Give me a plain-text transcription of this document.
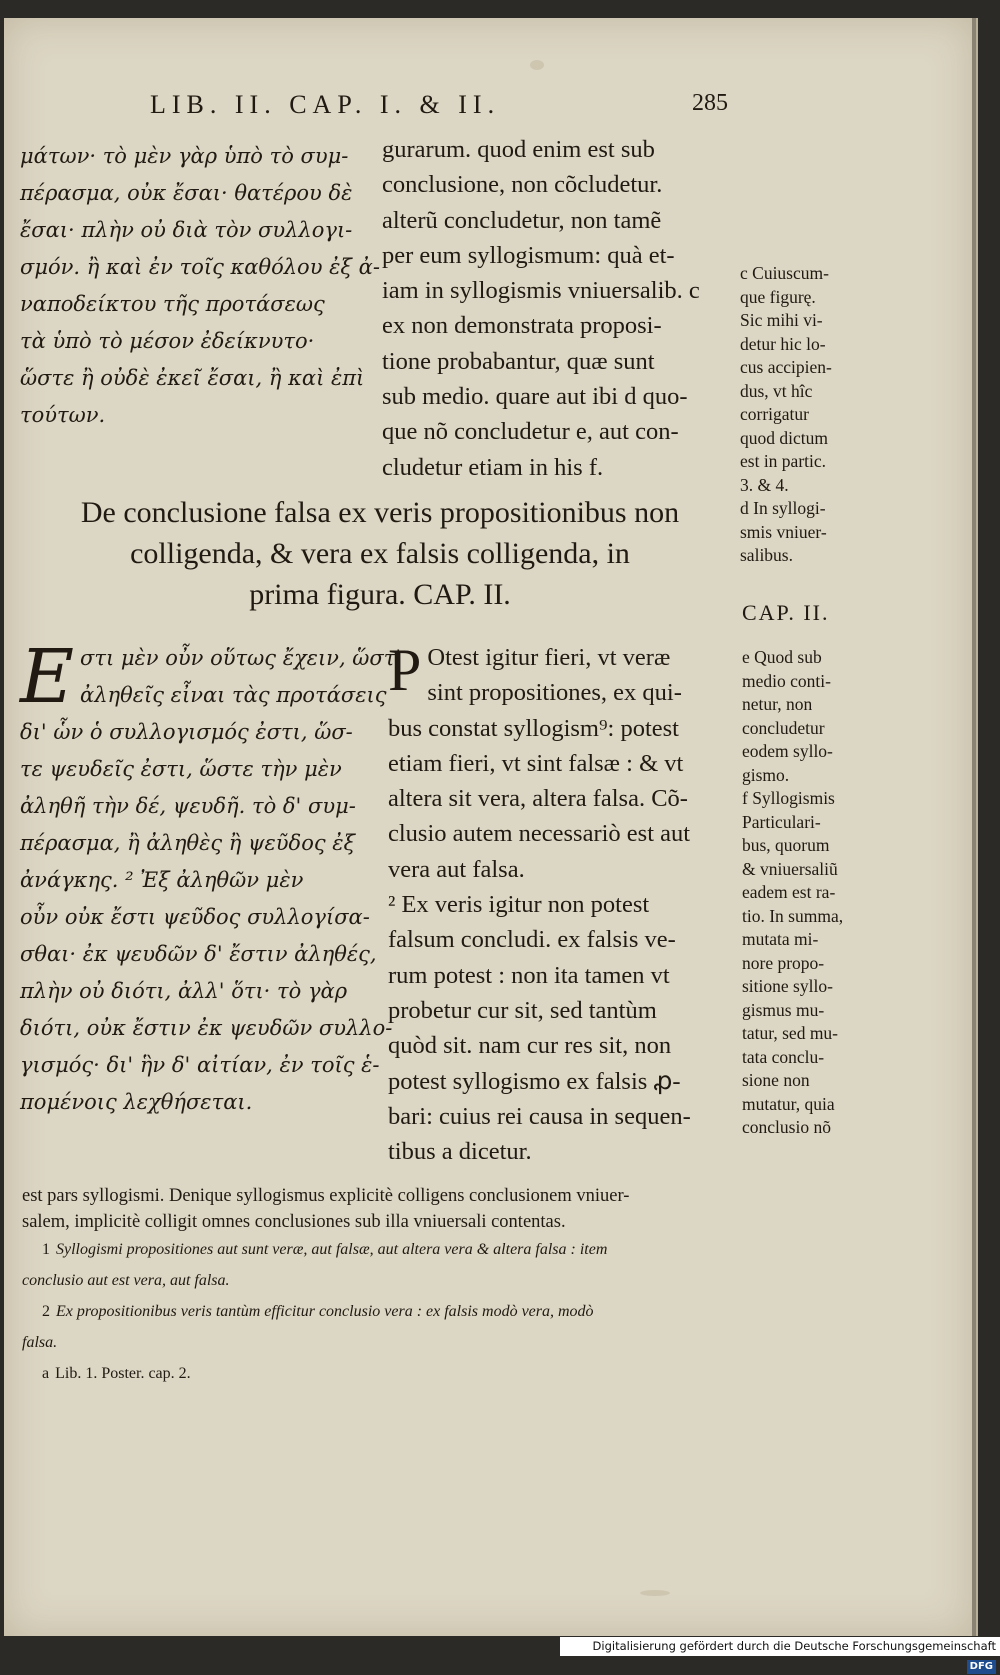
LIB. II. CAP. I. & II.	285
μάτων· τὸ μὲν γὰρ ὑπὸ τὸ συμ-
πέρασμα, οὐκ ἔσαι· θατέρου δὲ
ἔσαι· πλὴν οὐ διὰ τὸν συλλογι-
σμόν. ἢ καὶ ἐν τοῖς καθόλου ἐξ ἀ-
ναποδείκτου τῆς προτάσεως
τὰ ὑπὸ τὸ μέσον ἐδείκνυτο·
ὥστε ἢ οὐδὲ ἐκεῖ ἔσαι, ἢ καὶ ἐπὶ
τούτων.
gurarum. quod enim est sub
conclusione, non cõcludetur.
alterũ concludetur, non tamẽ
per eum syllogismum: quà et-
iam in syllogismis vniuersalib. c
ex non demonstrata proposi-
tione probabantur, quæ sunt
sub medio. quare aut ibi d quo-
que nõ concludetur e, aut con-
cludetur etiam in his f.
c Cuiuscum-
que figurę.
Sic mihi vi-
detur hic lo-
cus accipien-
dus, vt hîc
corrigatur
quod dictum
est in partic.
3. & 4.
d In syllogi-
smis vniuer-
salibus.
De conclusione falsa ex veris propositionibus non
colligenda, & vera ex falsis colligenda, in
prima figura. CAP. II.
CAP. II.
Ε στι μὲν οὖν οὕτως ἔχειν, ὥστ'
ἀληθεῖς εἶναι τὰς προτάσεις
δι' ὧν ὁ συλλογισμός ἐστι, ὥσ-
τε ψευδεῖς ἐστι, ὥστε τὴν μὲν
ἀληθῆ τὴν δέ, ψευδῆ. τὸ δ' συμ-
πέρασμα, ἢ ἀληθὲς ἢ ψεῦδος ἐξ
ἀνάγκης. ² Ἐξ ἀληθῶν μὲν
οὖν οὐκ ἔστι ψεῦδος συλλογίσα-
σθαι· ἐκ ψευδῶν δ' ἔστιν ἀληθές,
πλὴν οὐ διότι, ἀλλ' ὅτι· τὸ γὰρ
διότι, οὐκ ἔστιν ἐκ ψευδῶν συλλο-
γισμός· δι' ἣν δ' αἰτίαν, ἐν τοῖς ἑ-
πομένοις λεχθήσεται.
P Otest igitur fieri, vt veræ
sint propositiones, ex qui-
bus constat syllogism⁹: potest
etiam fieri, vt sint falsæ : & vt
altera sit vera, altera falsa. Cõ-
clusio autem necessariò est aut
vera aut falsa.
² Ex veris igitur non potest
falsum concludi. ex falsis ve-
rum potest : non ita tamen vt
probetur cur sit, sed tantùm
quòd sit. nam cur res sit, non
potest syllogismo ex falsis ꝓ-
bari: cuius rei causa in sequen-
tibus a dicetur.
e Quod sub
medio conti-
netur, non
concludetur
eodem syllo-
gismo.
f Syllogismis
Particulari-
bus, quorum
& vniuersaliũ
eadem est ra-
tio. In summa,
mutata mi-
nore propo-
sitione syllo-
gismus mu-
tatur, sed mu-
tata conclu-
sione non
mutatur, quia
conclusio nõ
est pars syllogismi. Denique syllogismus explicitè colligens conclusionem vniuer-
salem, implicitè colligit omnes conclusiones sub illa vniuersali contentas.
1 Syllogismi propositiones aut sunt veræ, aut falsæ, aut altera vera & altera falsa : item
conclusio aut est vera, aut falsa.
2 Ex propositionibus veris tantùm efficitur conclusio vera : ex falsis modò vera, modò
falsa.
a Lib. 1. Poster. cap. 2.
Digitalisierung gefördert durch die Deutsche Forschungsgemeinschaft DFG
